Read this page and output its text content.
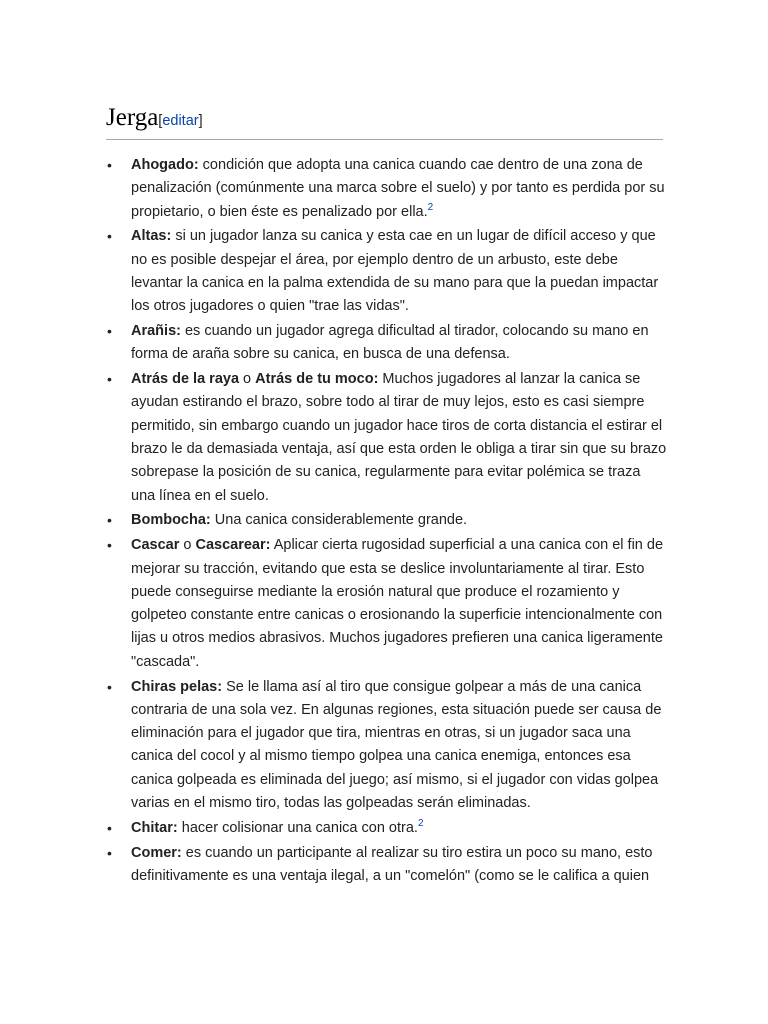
Jerga[editar]
• Ahogado: condición que adopta una canica cuando cae dentro de una zona de penalización (comúnmente una marca sobre el suelo) y por tanto es perdida por su propietario, o bien éste es penalizado por ella.$^2$
• Altas: si un jugador lanza su canica y esta cae en un lugar de difícil acceso y que no es posible despejar el área, por ejemplo dentro de un arbusto, este debe levantar la canica en la palma extendida de su mano para que la puedan impactar los otros jugadores o quien "trae las vidas".
• Arañis: es cuando un jugador agrega dificultad al tirador, colocando su mano en forma de araña sobre su canica, en busca de una defensa.
• Atrás de la raya o Atrás de tu moco: Muchos jugadores al lanzar la canica se ayudan estirando el brazo, sobre todo al tirar de muy lejos, esto es casi siempre permitido, sin embargo cuando un jugador hace tiros de corta distancia el estirar el brazo le da demasiada ventaja, así que esta orden le obliga a tirar sin que su brazo sobrepase la posición de su canica, regularmente para evitar polémica se traza una línea en el suelo.
• Bombocha: Una canica considerablemente grande.
• Cascar o Cascarear: Aplicar cierta rugosidad superficial a una canica con el fin de mejorar su tracción, evitando que esta se deslice involuntariamente al tirar. Esto puede conseguirse mediante la erosión natural que produce el rozamiento y golpeteo constante entre canicas o erosionando la superficie intencionalmente con lijas u otros medios abrasivos. Muchos jugadores prefieren una canica ligeramente "cascada".
• Chiras pelas: Se le llama así al tiro que consigue golpear a más de una canica contraria de una sola vez. En algunas regiones, esta situación puede ser causa de eliminación para el jugador que tira, mientras en otras, si un jugador saca una canica del cocol y al mismo tiempo golpea una canica enemiga, entonces esa canica golpeada es eliminada del juego; así mismo, si el jugador con vidas golpea varias en el mismo tiro, todas las golpeadas serán eliminadas.
• Chitar: hacer colisionar una canica con otra.$^2$
• Comer: es cuando un participante al realizar su tiro estira un poco su mano, esto definitivamente es una ventaja ilegal, a un "comelón" (como se le califica a quien
